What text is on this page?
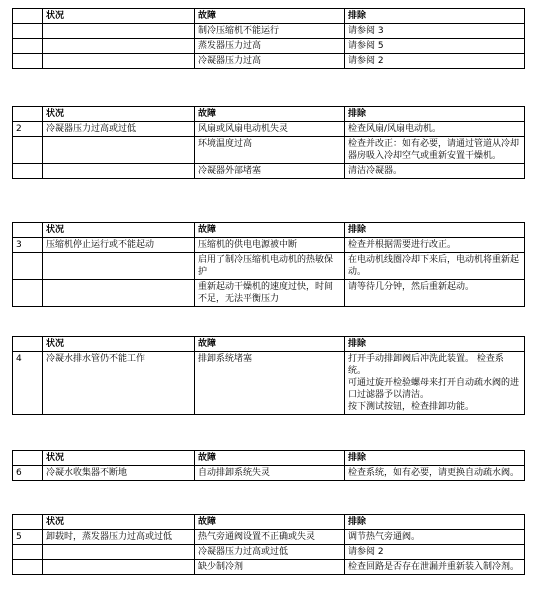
	状况	故障	排除
		制冷压缩机不能运行	请参阅 3
		蒸发器压力过高	请参阅 5
		冷凝器压力过高	请参阅 2
	状况	故障	排除
2	冷凝器压力过高或过低	风扇或风扇电动机失灵	检查风扇/风扇电动机。
		环境温度过高	检查并改正：如有必要，请通过管道从冷却器房吸入冷却空气或重新安置干燥机。
		冷凝器外部堵塞	清洁冷凝器。
	状况	故障	排除
3	压缩机停止运行或不能起动	压缩机的供电电源被中断	检查并根据需要进行改正。
		启用了制冷压缩机电动机的热敏保护	在电动机线圈冷却下来后，电动机将重新起动。
		重新起动干燥机的速度过快，时间不足，无法平衡压力	请等待几分钟，然后重新起动。
	状况	故障	排除
4	冷凝水排水管仍不能工作	排卸系统堵塞	打开手动排卸阀后冲洗此装置。 检查系统。
可通过旋开检验螺母来打开自动疏水阀的进口过滤器予以清洁。
按下测试按钮，检查排卸功能。
	状况	故障	排除
6	冷凝水收集器不断地	自动排卸系统失灵	检查系统，如有必要，请更换自动疏水阀。
	状况	故障	排除
5	卸载时，蒸发器压力过高或过低	热气旁通阀设置不正确或失灵	调节热气旁通阀。
		冷凝器压力过高或过低	请参阅 2
		缺少制冷剂	检查回路是否存在泄漏并重新装入制冷剂。
